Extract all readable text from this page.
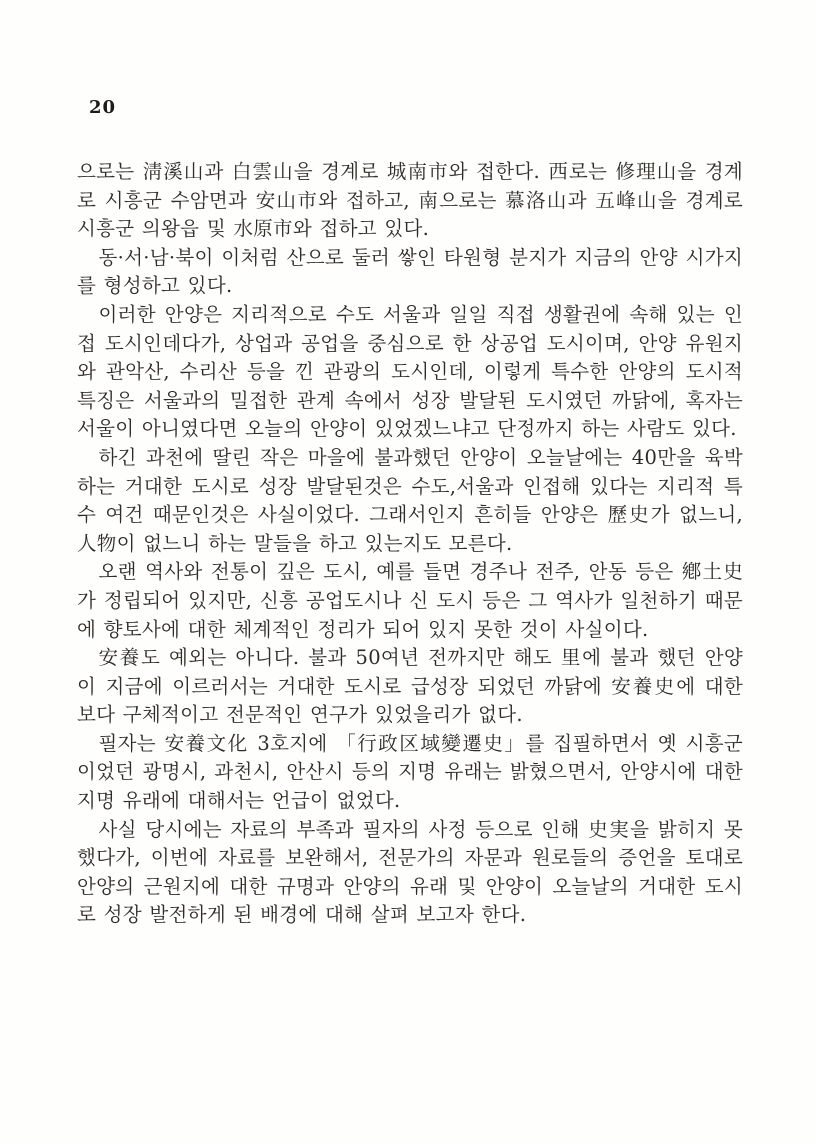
20

으로는 淸溪山과 白雲山을 경계로 城南市와 접한다. 西로는 修理山을 경계로 시흥군 수암면과 安山市와 접하고, 南으로는 慕洛山과 五峰山을 경계로 시흥군 의왕읍 및 水原市와 접하고 있다.

동·서·남·북이 이처럼 산으로 둘러 쌓인 타원형 분지가 지금의 안양 시가지를 형성하고 있다.

이러한 안양은 지리적으로 수도 서울과 일일 직접 생활권에 속해 있는 인접 도시인데다가, 상업과 공업을 중심으로 한 상공업 도시이며, 안양 유원지와 관악산, 수리산 등을 낀 관광의 도시인데, 이렇게 특수한 안양의 도시적 특징은 서울과의 밀접한 관계 속에서 성장 발달된 도시였던 까닭에, 혹자는 서울이 아니였다면 오늘의 안양이 있었겠느냐고 단정까지 하는 사람도 있다.

하긴 과천에 딸린 작은 마을에 불과했던 안양이 오늘날에는 40만을 육박하는 거대한 도시로 성장 발달된것은 수도,서울과 인접해 있다는 지리적 특수 여건 때문인것은 사실이었다. 그래서인지 흔히들 안양은 歷史가 없느니, 人物이 없느니 하는 말들을 하고 있는지도 모른다.

오랜 역사와 전통이 깊은 도시, 예를 들면 경주나 전주, 안동 등은 鄕土史가 정립되어 있지만, 신흥 공업도시나 신 도시 등은 그 역사가 일천하기 때문에 향토사에 대한 체계적인 정리가 되어 있지 못한 것이 사실이다.

安養도 예외는 아니다. 불과 50여년 전까지만 해도 里에 불과 했던 안양이 지금에 이르러서는 거대한 도시로 급성장 되었던 까닭에 安養史에 대한 보다 구체적이고 전문적인 연구가 있었을리가 없다.

필자는 安養文化 3호지에 「行政区域變遷史」를 집필하면서 옛 시흥군 이었던 광명시, 과천시, 안산시 등의 지명 유래는 밝혔으면서, 안양시에 대한 지명 유래에 대해서는 언급이 없었다.

사실 당시에는 자료의 부족과 필자의 사정 등으로 인해 史実을 밝히지 못했다가, 이번에 자료를 보완해서, 전문가의 자문과 원로들의 증언을 토대로 안양의 근원지에 대한 규명과 안양의 유래 및 안양이 오늘날의 거대한 도시로 성장 발전하게 된 배경에 대해 살펴 보고자 한다.
